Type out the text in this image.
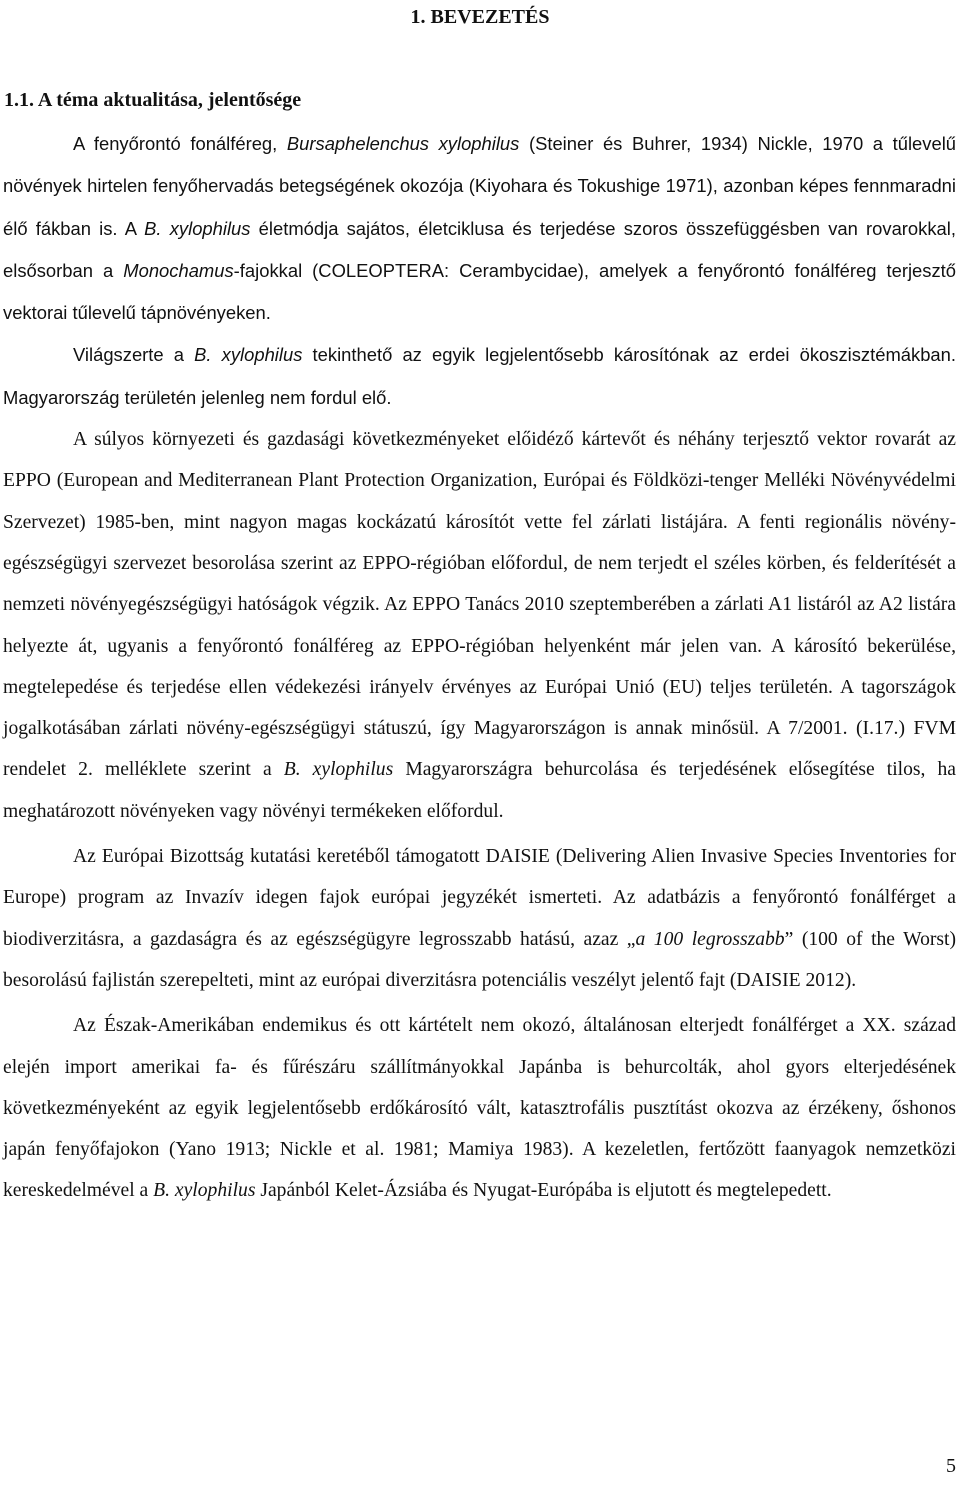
1. BEVEZETÉS
1.1. A téma aktualitása, jelentősége

A fenyőrontó fonálféreg, Bursaphelenchus xylophilus (Steiner és Buhrer, 1934) Nickle, 1970 a tűlevelű növények hirtelen fenyőhervadás betegségének okozója (Kiyohara és Tokushige 1971), azonban képes fennmaradni élő fákban is. A B. xylophilus életmódja sajátos, életciklusa és terjedése szoros összefüggésben van rovarokkal, elsősorban a Monochamus-fajokkal (COLEOPTERA: Cerambycidae), amelyek a fenyőrontó fonálféreg terjesztő vektorai tűlevelű tápnövényeken.

Világszerte a B. xylophilus tekinthető az egyik legjelentősebb károsítónak az erdei ökoszisztémákban. Magyarország területén jelenleg nem fordul elő.

A súlyos környezeti és gazdasági következményeket előidéző kártevőt és néhány terjesztő vektor rovarát az EPPO (European and Mediterranean Plant Protection Organization, Európai és Földközi-tenger Melléki Növényvédelmi Szervezet) 1985-ben, mint nagyon magas kockázatú károsítót vette fel zárlati listájára. A fenti regionális növény-egészségügyi szervezet besorolása szerint az EPPO-régióban előfordul, de nem terjedt el széles körben, és felderítését a nemzeti növényegészségügyi hatóságok végzik. Az EPPO Tanács 2010 szeptemberében a zárlati A1 listáról az A2 listára helyezte át, ugyanis a fenyőrontó fonálféreg az EPPO-régióban helyenként már jelen van. A károsító bekerülése, megtelepedése és terjedése ellen védekezési irányelv érvényes az Európai Unió (EU) teljes területén. A tagországok jogalkotásában zárlati növény-egészségügyi státuszú, így Magyarországon is annak minősül. A 7/2001. (I.17.) FVM rendelet 2. melléklete szerint a B. xylophilus Magyarországra behurcolása és terjedésének elősegítése tilos, ha meghatározott növényeken vagy növényi termékeken előfordul.

Az Európai Bizottság kutatási keretéből támogatott DAISIE (Delivering Alien Invasive Species Inventories for Europe) program az Invazív idegen fajok európai jegyzékét ismerteti. Az adatbázis a fenyőrontó fonálférget a biodiverzitásra, a gazdaságra és az egészségügyre legrosszabb hatású, azaz „a 100 legrosszabb” (100 of the Worst) besorolású fajlistán szerepelteti, mint az európai diverzitásra potenciális veszélyt jelentő fajt (DAISIE 2012).

Az Észak-Amerikában endemikus és ott kártételt nem okozó, általánosan elterjedt fonálférget a XX. század elején import amerikai fa- és fűrészáru szállítmányokkal Japánba is behurcolták, ahol gyors elterjedésének következményeként az egyik legjelentősebb erdőkárosító vált, katasztrofális pusztítást okozva az érzékeny, őshonos japán fenyőfajokon (Yano 1913; Nickle et al. 1981; Mamiya 1983). A kezeletlen, fertőzött faanyagok nemzetközi kereskedelmével a B. xylophilus Japánból Kelet-Ázsiába és Nyugat-Európába is eljutott és megtelepedett.

5
